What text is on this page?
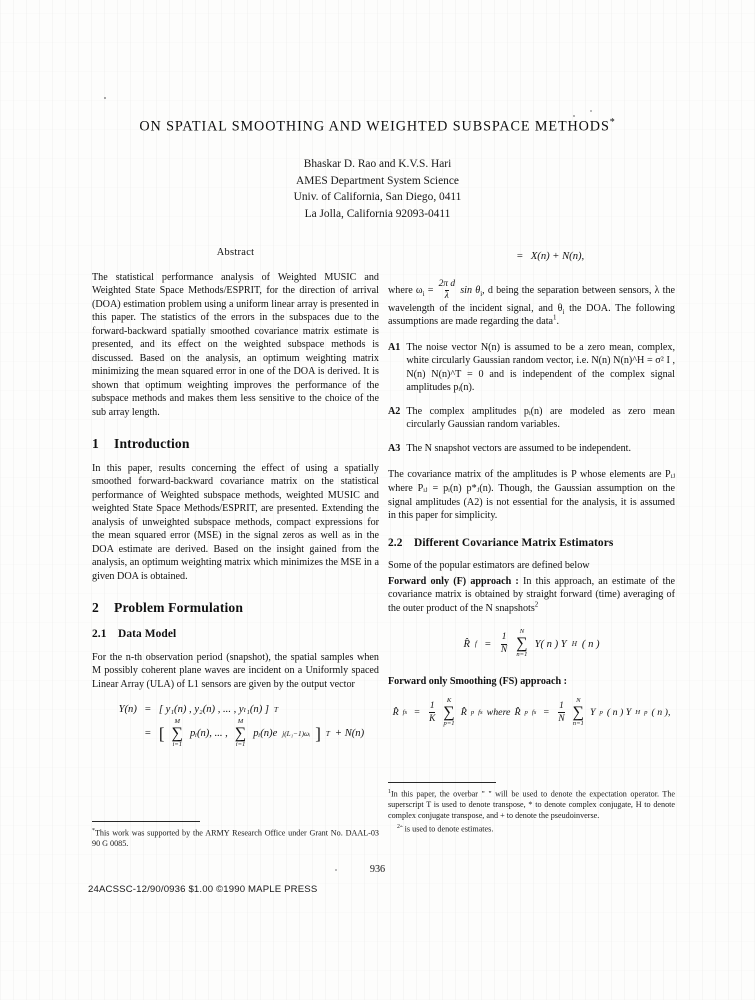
ON SPATIAL SMOOTHING AND WEIGHTED SUBSPACE METHODS*
Bhaskar D. Rao and K.V.S. Hari
AMES Department System Science
Univ. of California, San Diego, 0411
La Jolla, California 92093-0411
Abstract

The statistical performance analysis of Weighted MUSIC and Weighted State Space Methods/ESPRIT, for the direction of arrival (DOA) estimation problem using a uniform linear array is presented in this paper. The statistics of the errors in the subspaces due to the forward-backward spatially smoothed covariance matrix estimate is presented, and its effect on the weighted subspace methods is discussed. Based on the analysis, an optimum weighting matrix minimizing the mean squared error in one of the DOA is derived. It is shown that optimum weighting improves the performance of the subspace methods and makes them less sensitive to the choice of the sub array length.

1 Introduction

In this paper, results concerning the effect of using a spatially smoothed forward-backward covariance matrix on the statistical performance of Weighted subspace methods, weighted MUSIC and weighted State Space Methods/ESPRIT, are presented. Extending the analysis of unweighted subspace methods, compact expressions for the mean squared error (MSE) in the signal zeros as well as in the DOA estimate are derived. Based on the insight gained from the analysis, an optimum weighting matrix which minimizes the MSE in a given DOA is obtained.

2 Problem Formulation
2.1 Data Model

For the n-th observation period (snapshot), the spatial samples when M possibly coherent plane waves are incident on a Uniformly spaced Linear Array (ULA) of L1 sensors are given by the output vector

Y(n) = [ y₁(n) , y₂(n) , ... , yₗ₁(n) ] T
= [
M
∑
i=1
pᵢ(n), ... ,
M
∑
i=1
pᵢ(n)e j(L₁−1)ωᵢ ] T + N(n)
*This work was supported by the ARMY Research Office under Grant No. DAAL-03 90 G 0085.
= X(n) + N(n),

where $\omega_i = \frac{\text{2π d}}{\lambda}$ $\sin \theta_i$, d being the separation between sensors, λ the wavelength of the incident signal, and $\theta_i$ the DOA. The following assumptions are made regarding the data$^1$.

A1 The noise vector N(n) is assumed to be a zero mean, complex, white circularly Gaussian random vector, i.e. N(n) N(n)^H = σ² I , N(n) N(n)^T = 0 and is independent of the complex signal amplitudes pᵢ(n).
A2 The complex amplitudes pᵢ(n) are modeled as zero mean circularly Gaussian random variables.
A3 The N snapshot vectors are assumed to be independent.

The covariance matrix of the amplitudes is P whose elements are Pᵢⱼ where Pᵢⱼ = pᵢ(n) p*ⱼ(n). Though, the Gaussian assumption on the signal amplitudes (A2) is not essential for the analysis, it is assumed in this paper for simplicity.

2.2 Different Covariance Matrix Estimators

Some of the popular estimators are defined below

Forward only (F) approach : In this approach, an estimate of the covariance matrix is obtained by straight forward (time) averaging of the outer product of the N snapshots$^2$

R̂ f =	$\frac{1}{N}$
N
∑
n=1
Y( n ) Y H ( n )

Forward only Smoothing (FS) approach :

R̂ fs = $\frac{1}{K}$
K
∑
p=1
R̂ p fs where R̂ p fs = $\frac{1}{N}$
N
∑
n=1
Y p ( n ) Y H p ( n ),
$^1$In this paper, the overbar " " will be used to denote the expectation operator. The superscript T is used to denote transpose, * to denote complex conjugate, H to denote complex conjugate transpose, and + to denote the pseudoinverse.
$^2$ˆ is used to denote estimates.
936
24ACSSC-12/90/0936 $1.00 ©1990 MAPLE PRESS
